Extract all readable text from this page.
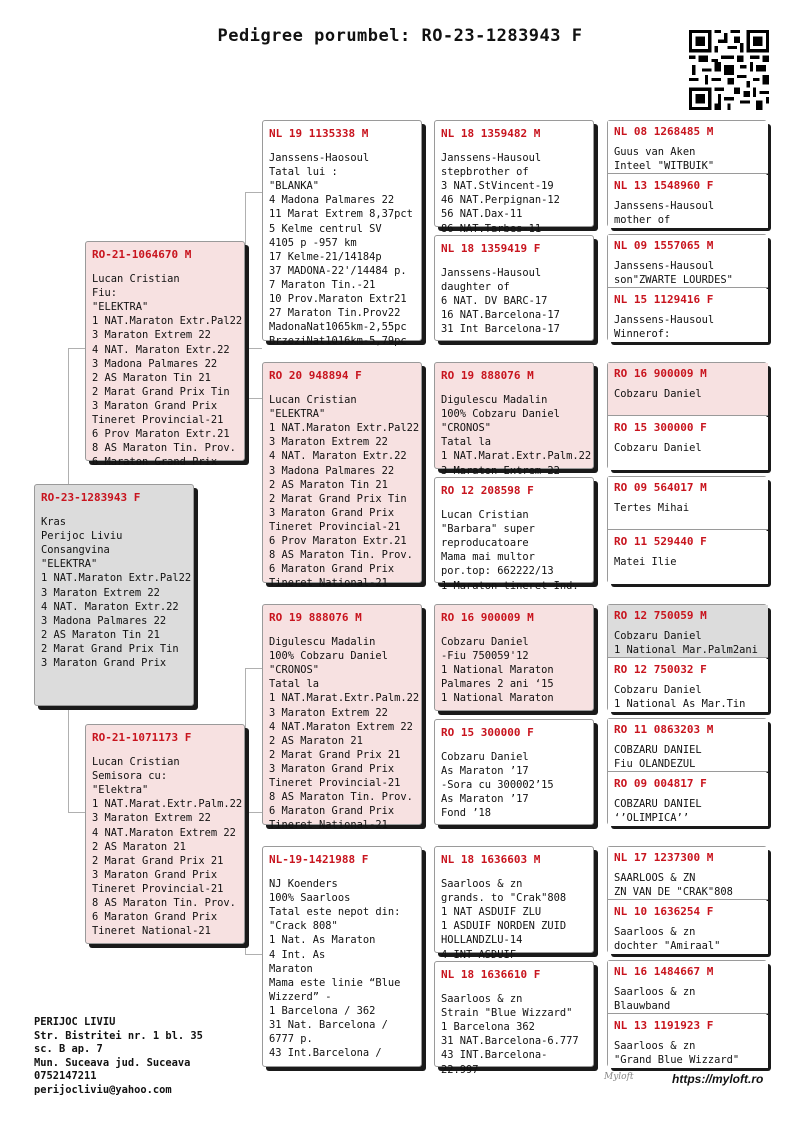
Pedigree porumbel: RO-23-1283943 F
RO-23-1283943 F
Kras
Perijoc Liviu
Consangvina
"ELEKTRA"
1 NAT.Maraton Extr.Pal22
3 Maraton Extrem 22
4 NAT. Maraton Extr.22
3 Madona Palmares 22
2 AS Maraton Tin 21
2 Marat Grand Prix Tin
3 Maraton Grand Prix
RO-21-1064670 M
Lucan Cristian
Fiu:
"ELEKTRA"
1 NAT.Maraton Extr.Pal22
3 Maraton Extrem 22
4 NAT. Maraton Extr.22
3 Madona Palmares 22
2 AS Maraton Tin 21
2 Marat Grand Prix Tin
3 Maraton Grand Prix
Tineret Provincial-21
6 Prov Maraton Extr.21
8 AS Maraton Tin. Prov.
6 Maraton Grand Prix
RO-21-1071173 F
Lucan Cristian
Semisora cu:
"Elektra"
1 NAT.Marat.Extr.Palm.22
3 Maraton Extrem 22
4 NAT.Maraton Extrem 22
2 AS Maraton 21
2 Marat Grand Prix 21
3 Maraton Grand Prix
Tineret Provincial-21
8 AS Maraton Tin. Prov.
6 Maraton Grand Prix
Tineret National-21
NL 19 1135338 M
Janssens-Haosoul
Tatal lui :
"BLANKA"
4 Madona Palmares 22
11 Marat Extrem 8,37pct
5 Kelme centrul SV
4105 p -957 km
17 Kelme-21/14184p
37 MADONA-22'/14484 p.
7 Maraton Tin.-21
10 Prov.Maraton Extr21
27 Maraton Tin.Prov22
MadonaNat1065km-2,55pc
BrzeziNat1016km-5,79pc
RO 20 948894 F
Lucan Cristian
"ELEKTRA"
1 NAT.Maraton Extr.Pal22
3 Maraton Extrem 22
4 NAT. Maraton Extr.22
3 Madona Palmares 22
2 AS Maraton Tin 21
2 Marat Grand Prix Tin
3 Maraton Grand Prix
Tineret Provincial-21
6 Prov Maraton Extr.21
8 AS Maraton Tin. Prov.
6 Maraton Grand Prix
Tineret National-21
RO 19 888076 M
Digulescu Madalin
100% Cobzaru Daniel
"CRONOS"
Tatal la
1 NAT.Marat.Extr.Palm.22
3 Maraton Extrem 22
4 NAT.Maraton Extrem 22
2 AS Maraton 21
2 Marat Grand Prix 21
3 Maraton Grand Prix
Tineret Provincial-21
8 AS Maraton Tin. Prov.
6 Maraton Grand Prix
Tineret National-21
NL-19-1421988 F
NJ Koenders
100% Saarloos
Tatal este nepot din:
"Crack 808"
1 Nat. As Maraton
4 Int. As
Maraton
Mama este linie “Blue
Wizzerd” -
1 Barcelona / 362
31 Nat. Barcelona /
6777 p.
43 Int.Barcelona /
NL 18 1359482 M
Janssens-Hausoul
stepbrother of
3 NAT.StVincent-19
46 NAT.Perpignan-12
56 NAT.Dax-11
86 NAT.Tarbes-11
NL 18 1359419 F
Janssens-Hausoul
daughter of
6 NAT. DV BARC-17
16 NAT.Barcelona-17
31 Int Barcelona-17
RO 19 888076 M
Digulescu Madalin
100% Cobzaru Daniel
"CRONOS"
Tatal la
1 NAT.Marat.Extr.Palm.22
3 Maraton Extrem 22
RO 12 208598 F
Lucan Cristian
"Barbara" super
reproducatoare
Mama mai multor
por.top: 662222/13
1 Maraton tineret Ind.
RO 16 900009 M
Cobzaru Daniel
-Fiu 750059'12
1 National Maraton
Palmares 2 ani ‘15
1 National Maraton
RO 15 300000 F
Cobzaru Daniel
As Maraton ’17
-Sora cu 300002’15
As Maraton ’17
Fond ’18
NL 18 1636603 M
Saarloos & zn
grands. to "Crak"808
1 NAT ASDUIF ZLU
1 ASDUIF NORDEN ZUID
HOLLANDZLU-14
4 INT ASDUIF
NL 18 1636610 F
Saarloos & zn
Strain "Blue Wizzard"
1 Barcelona 362
31 NAT.Barcelona-6.777
43 INT.Barcelona-
22.997
NL 08 1268485 M
Guus van Aken
Inteel "WITBUIK"
NL 13 1548960 F
Janssens-Hausoul
mother of
NL 09 1557065 M
Janssens-Hausoul
son"ZWARTE LOURDES"
NL 15 1129416 F
Janssens-Hausoul
Winnerof:
RO 16 900009 M
Cobzaru Daniel
RO 15 300000 F
Cobzaru Daniel
RO 09 564017 M
Tertes Mihai
RO 11 529440 F
Matei Ilie
RO 12 750059 M
Cobzaru Daniel
1 National Mar.Palm2ani
RO 12 750032 F
Cobzaru Daniel
1 National As Mar.Tin
RO 11 0863203 M
COBZARU DANIEL
Fiu OLANDEZUL
RO 09 004817 F
COBZARU DANIEL
‘’OLIMPICA’’
NL 17 1237300 M
SAARLOOS & ZN
ZN VAN DE "CRAK"808
NL 10 1636254 F
Saarloos & zn
dochter "Amiraal"
NL 16 1484667 M
Saarloos & zn
Blauwband
NL 13 1191923 F
Saarloos & zn
"Grand Blue Wizzard"
PERIJOC LIVIU
Str. Bistritei nr. 1 bl. 35
sc. B ap. 7
Mun. Suceava jud. Suceava
0752147211
perijocliviu@yahoo.com
Myloft	https://myloft.ro
